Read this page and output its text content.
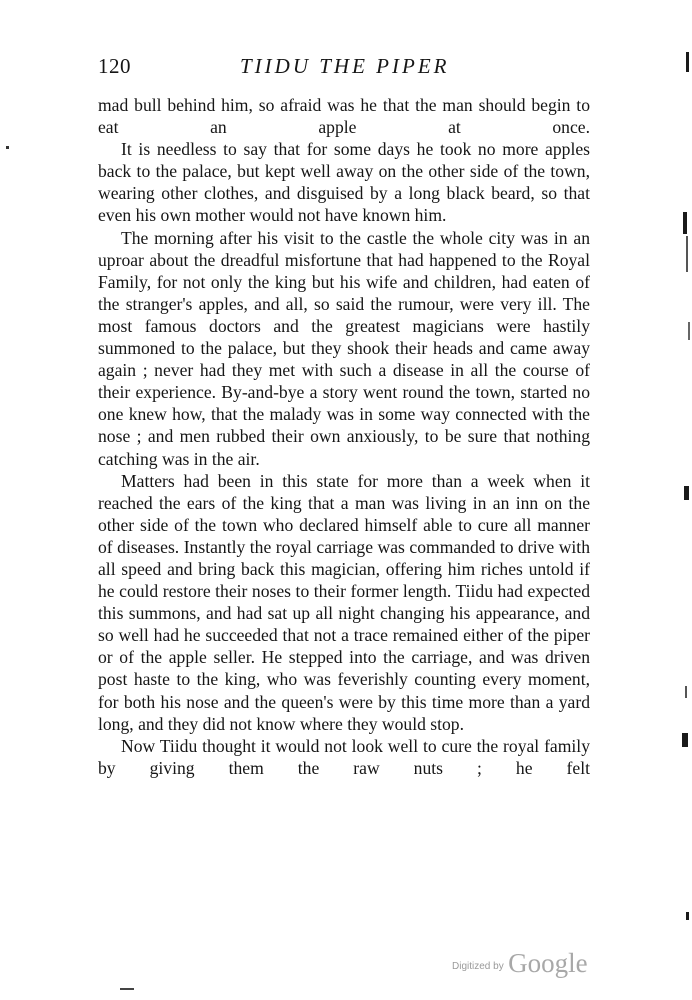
120	TIIDU THE PIPER

mad bull behind him, so afraid was he that the man should begin to eat an apple at once.

It is needless to say that for some days he took no more apples back to the palace, but kept well away on the other side of the town, wearing other clothes, and disguised by a long black beard, so that even his own mother would not have known him.

The morning after his visit to the castle the whole city was in an uproar about the dreadful misfortune that had happened to the Royal Family, for not only the king but his wife and children, had eaten of the stranger's apples, and all, so said the rumour, were very ill. The most famous doctors and the greatest magicians were hastily summoned to the palace, but they shook their heads and came away again ; never had they met with such a disease in all the course of their experience. By-and-bye a story went round the town, started no one knew how, that the malady was in some way connected with the nose ; and men rubbed their own anxiously, to be sure that nothing catching was in the air.

Matters had been in this state for more than a week when it reached the ears of the king that a man was living in an inn on the other side of the town who declared himself able to cure all manner of diseases. Instantly the royal carriage was commanded to drive with all speed and bring back this magician, offering him riches untold if he could restore their noses to their former length. Tiidu had expected this summons, and had sat up all night changing his appearance, and so well had he succeeded that not a trace remained either of the piper or of the apple seller. He stepped into the carriage, and was driven post haste to the king, who was feverishly counting every moment, for both his nose and the queen's were by this time more than a yard long, and they did not know where they would stop.

Now Tiidu thought it would not look well to cure the royal family by giving them the raw nuts ; he felt

Digitized by Google
